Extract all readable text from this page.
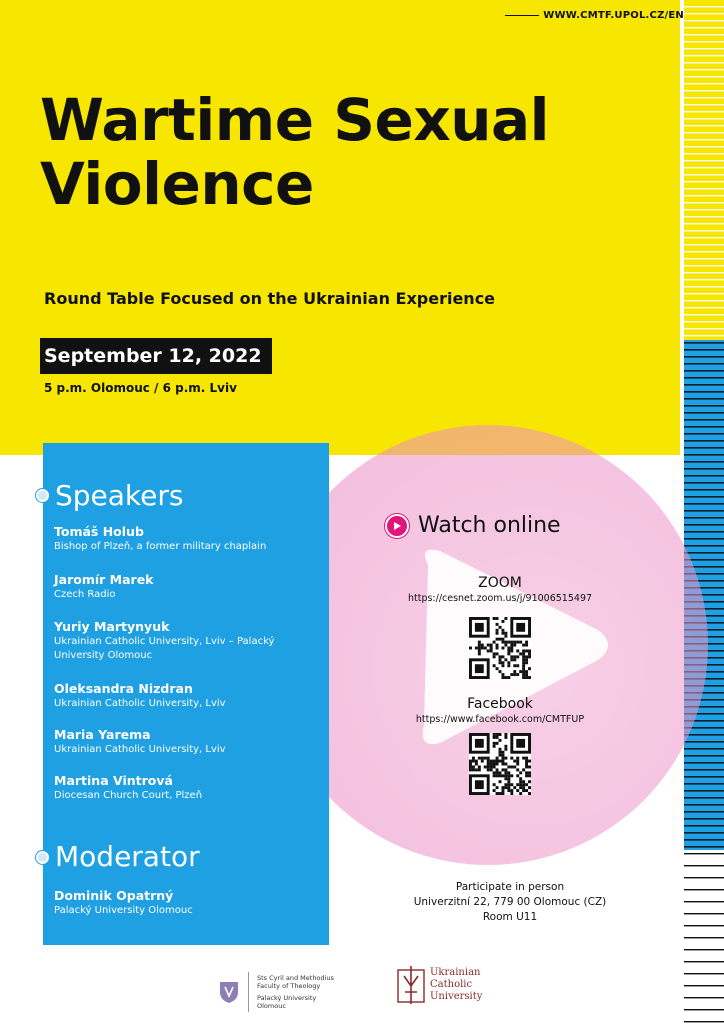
WWW.CMTF.UPOL.CZ/EN
Wartime Sexual
Violence
Round Table Focused on the Ukrainian Experience
September 12, 2022
5 p.m. Olomouc / 6 p.m. Lviv
Speakers
Tomáš Holub
Bishop of Plzeň, a former military chaplain
Jaromír Marek
Czech Radio
Yuriy Martynyuk
Ukrainian Catholic University, Lviv – Palacký
University Olomouc
Oleksandra Nizdran
Ukrainian Catholic University, Lviv
Maria Yarema
Ukrainian Catholic University, Lviv
Martina Vintrová
Diocesan Church Court, Plzeň
Moderator
Dominik Opatrný
Palacký University Olomouc
Watch online
ZOOM
https://cesnet.zoom.us/j/91006515497
Facebook
https://www.facebook.com/CMTFUP
Participate in person
Univerzitní 22, 779 00 Olomouc (CZ)
Room U11
Sts Cyril and Methodius
Faculty of Theology
Palacký University
Olomouc
Ukrainian
Catholic
University
